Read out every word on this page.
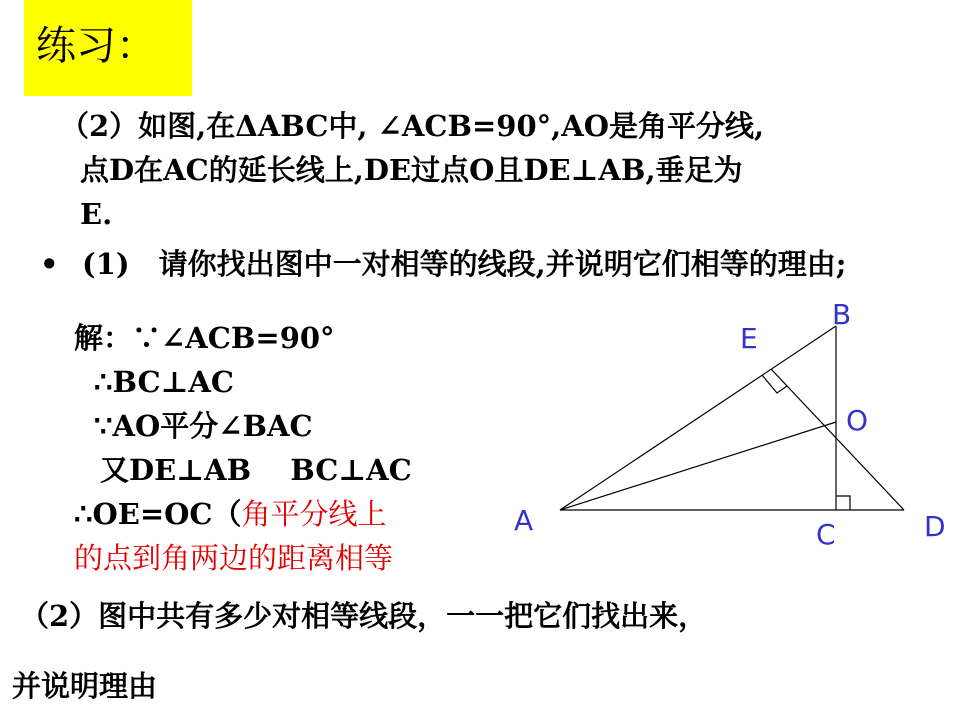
练习：
（2）如图,在ΔABC中, ∠ACB=90°,AO是角平分线,
点D在AC的延长线上,DE过点O且DE⊥AB,垂足为
E.
• (1)　请你找出图中一对相等的线段,并说明它们相等的理由;
解：∵∠ACB=90°
∴BC⊥AC
∵AO平分∠BAC
又DE⊥AB　 BC⊥AC
∴OE=OC（角平分线上
的点到角两边的距离相等
（2）图中共有多少对相等线段，一一把它们找出来，
并说明理由
B
E
O
A	C	D
